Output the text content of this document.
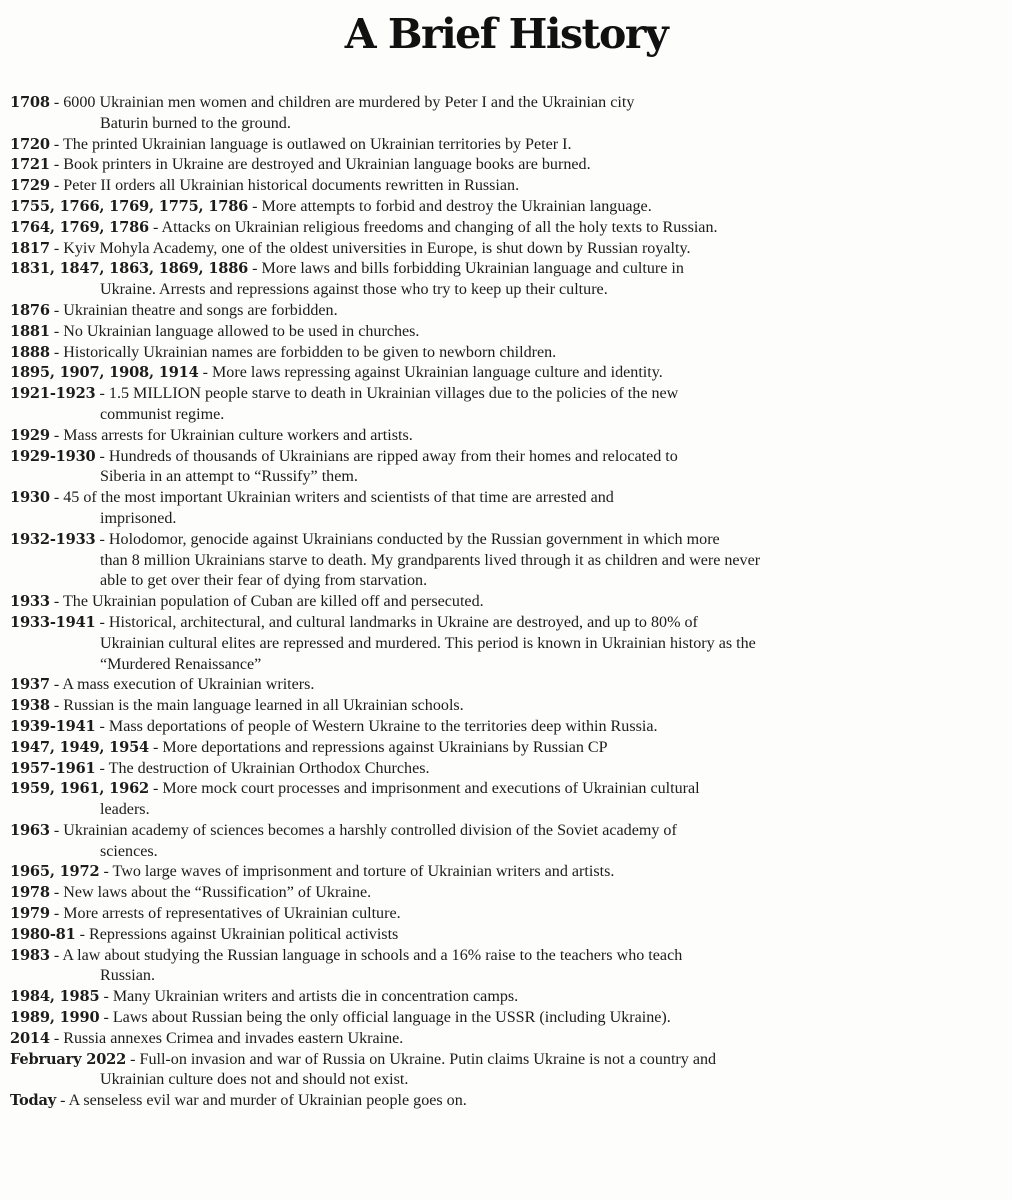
A Brief History
1708 - 6000 Ukrainian men women and children are murdered by Peter I and the Ukrainian city
Baturin burned to the ground.
1720 - The printed Ukrainian language is outlawed on Ukrainian territories by Peter I.
1721 - Book printers in Ukraine are destroyed and Ukrainian language books are burned.
1729 - Peter II orders all Ukrainian historical documents rewritten in Russian.
1755, 1766, 1769, 1775, 1786 - More attempts to forbid and destroy the Ukrainian language.
1764, 1769, 1786 - Attacks on Ukrainian religious freedoms and changing of all the holy texts to Russian.
1817 - Kyiv Mohyla Academy, one of the oldest universities in Europe, is shut down by Russian royalty.
1831, 1847, 1863, 1869, 1886 - More laws and bills forbidding Ukrainian language and culture in
Ukraine. Arrests and repressions against those who try to keep up their culture.
1876 - Ukrainian theatre and songs are forbidden.
1881 - No Ukrainian language allowed to be used in churches.
1888 - Historically Ukrainian names are forbidden to be given to newborn children.
1895, 1907, 1908, 1914 - More laws repressing against Ukrainian language culture and identity.
1921-1923 - 1.5 MILLION people starve to death in Ukrainian villages due to the policies of the new
communist regime.
1929 - Mass arrests for Ukrainian culture workers and artists.
1929-1930 - Hundreds of thousands of Ukrainians are ripped away from their homes and relocated to
Siberia in an attempt to “Russify” them.
1930 - 45 of the most important Ukrainian writers and scientists of that time are arrested and
imprisoned.
1932-1933 - Holodomor, genocide against Ukrainians conducted by the Russian government in which more
than 8 million Ukrainians starve to death. My grandparents lived through it as children and were never
able to get over their fear of dying from starvation.
1933 - The Ukrainian population of Cuban are killed off and persecuted.
1933-1941 - Historical, architectural, and cultural landmarks in Ukraine are destroyed, and up to 80% of
Ukrainian cultural elites are repressed and murdered. This period is known in Ukrainian history as the
“Murdered Renaissance”
1937 - A mass execution of Ukrainian writers.
1938 - Russian is the main language learned in all Ukrainian schools.
1939-1941 - Mass deportations of people of Western Ukraine to the territories deep within Russia.
1947, 1949, 1954 - More deportations and repressions against Ukrainians by Russian CP
1957-1961 - The destruction of Ukrainian Orthodox Churches.
1959, 1961, 1962 - More mock court processes and imprisonment and executions of Ukrainian cultural
leaders.
1963 - Ukrainian academy of sciences becomes a harshly controlled division of the Soviet academy of
sciences.
1965, 1972 - Two large waves of imprisonment and torture of Ukrainian writers and artists.
1978 - New laws about the “Russification” of Ukraine.
1979 - More arrests of representatives of Ukrainian culture.
1980-81 - Repressions against Ukrainian political activists
1983 - A law about studying the Russian language in schools and a 16% raise to the teachers who teach
Russian.
1984, 1985 - Many Ukrainian writers and artists die in concentration camps.
1989, 1990 - Laws about Russian being the only official language in the USSR (including Ukraine).
2014 - Russia annexes Crimea and invades eastern Ukraine.
February 2022 - Full-on invasion and war of Russia on Ukraine. Putin claims Ukraine is not a country and
Ukrainian culture does not and should not exist.
Today - A senseless evil war and murder of Ukrainian people goes on.
